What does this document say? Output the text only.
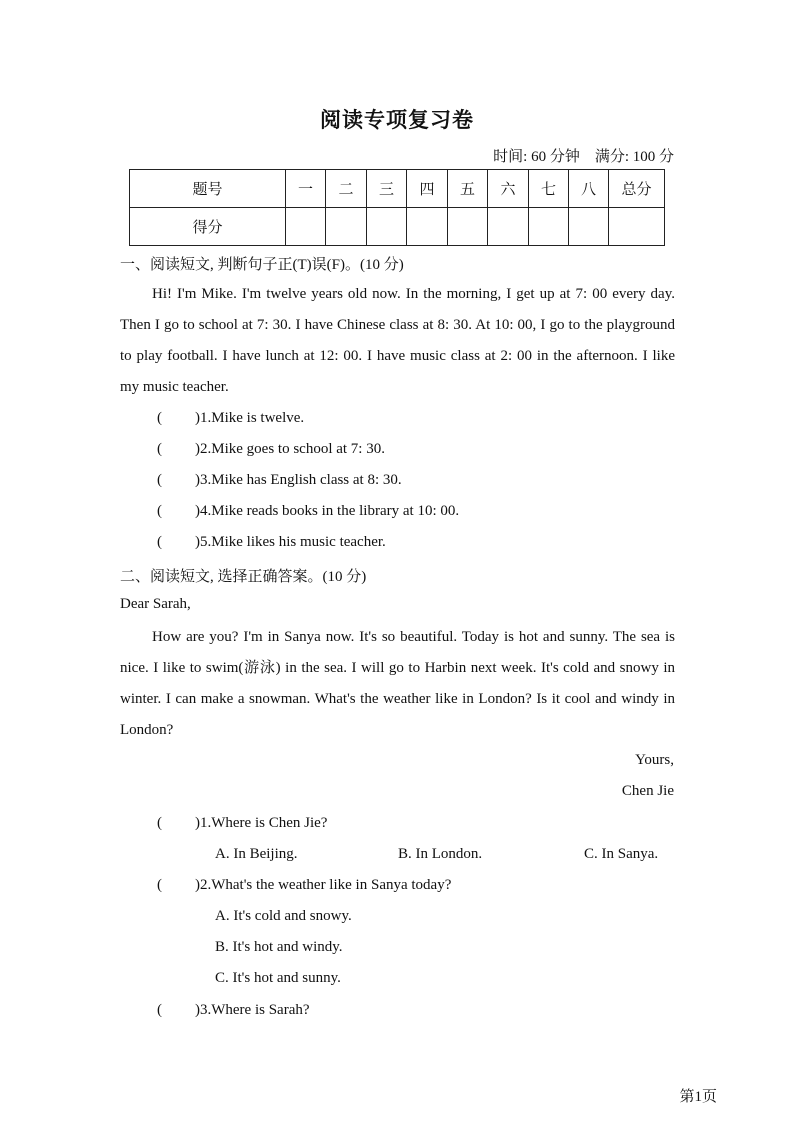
阅读专项复习卷
时间: 60 分钟　满分: 100 分
题号	一	二	三	四	五	六	七	八	总分
得分									
一、阅读短文, 判断句子正(T)误(F)。(10 分)

Hi! I'm Mike. I'm twelve years old now. In the morning, I get up at 7: 00 every day. Then I go to school at 7: 30. I have Chinese class at 8: 30. At 10: 00, I go to the playground to play football. I have lunch at 12: 00. I have music class at 2: 00 in the afternoon. I like my music teacher.

( )1.Mike is twelve.
( )2.Mike goes to school at 7: 30.
( )3.Mike has English class at 8: 30.
( )4.Mike reads books in the library at 10: 00.
( )5.Mike likes his music teacher.
二、阅读短文, 选择正确答案。(10 分)
Dear Sarah,

How are you? I'm in Sanya now. It's so beautiful. Today is hot and sunny. The sea is nice. I like to swim(游泳) in the sea. I will go to Harbin next week. It's cold and snowy in winter. I can make a snowman. What's the weather like in London? Is it cool and windy in London?

Yours,
Chen Jie
( )1.Where is Chen Jie?
A. In Beijing.	B. In London.	C. In Sanya.
( )2.What's the weather like in Sanya today?
A. It's cold and snowy.
B. It's hot and windy.
C. It's hot and sunny.
( )3.Where is Sarah?
第1页
